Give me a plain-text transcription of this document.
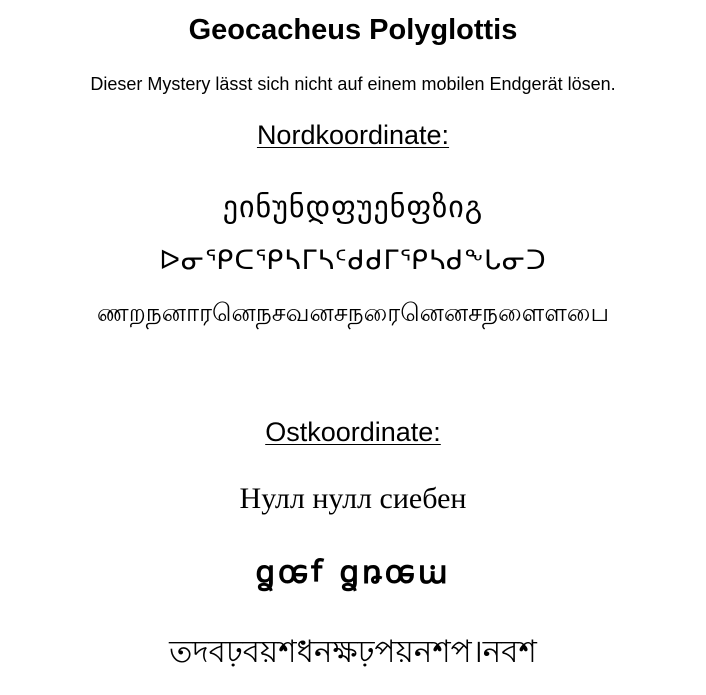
Geocacheus Polyglottis
Dieser Mystery lässt sich nicht auf einem mobilen Endgerät lösen.
Nordkoordinate:
ეინუნდფუენფზიგ
ᐅᓂᕿᑕᕿᓴᒥᓴᑦᑯᑯᒥᕿᓴᑯᖕᒐᓂᑐ
ணறநனாரனெநசவனசநரைனெனசநளைளபை
Ostkoordinate:
Нулл нулл сиебен
ꬶꭀꬵ ꬶꬻꭀꭐ
তদবঢ়বয়শধনক্ষঢ়পয়নশপ।নবশ
